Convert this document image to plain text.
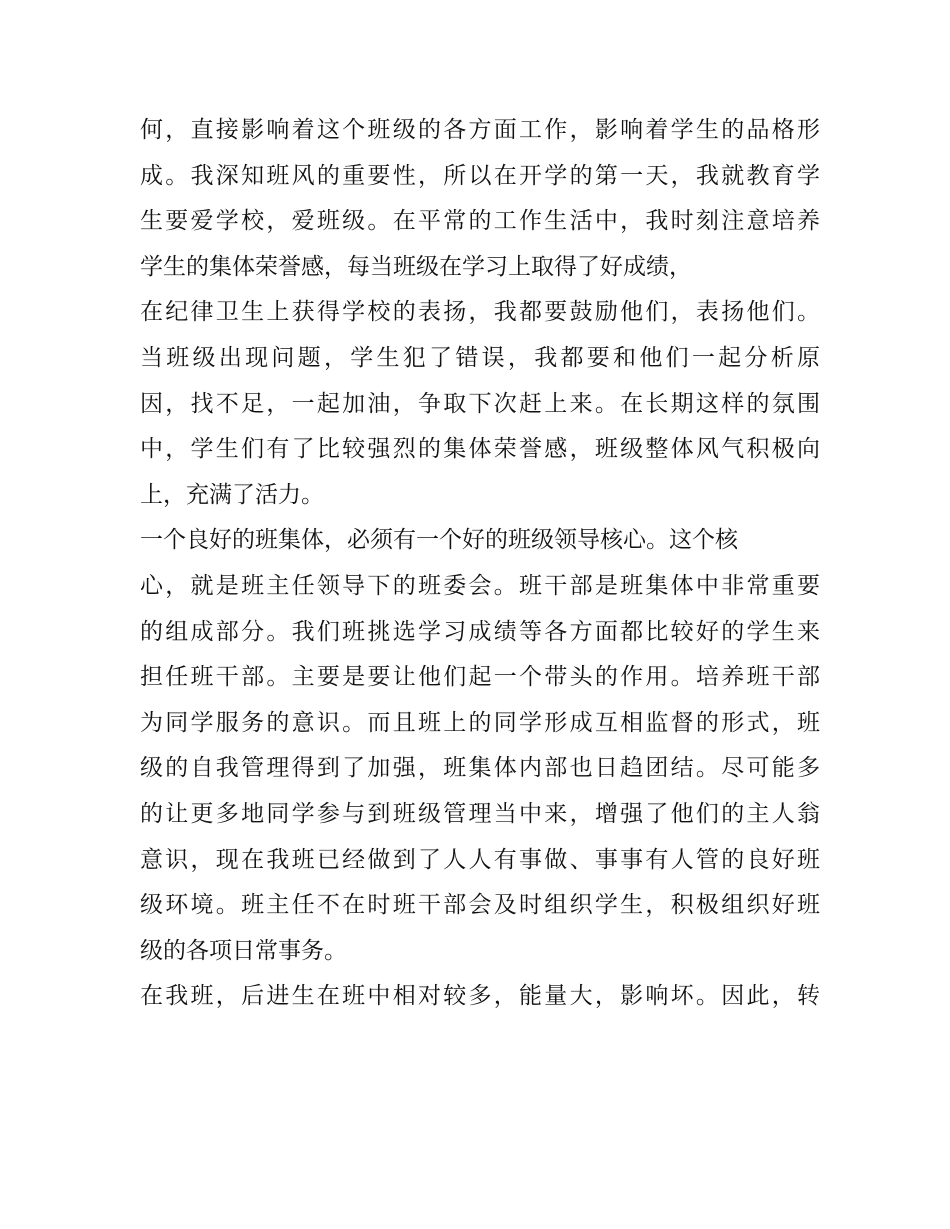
何，直接影响着这个班级的各方面工作，影响着学生的品格形
成。我深知班风的重要性，所以在开学的第一天，我就教育学
生要爱学校，爱班级。在平常的工作生活中，我时刻注意培养
学生的集体荣誉感，每当班级在学习上取得了好成绩，
在纪律卫生上获得学校的表扬，我都要鼓励他们，表扬他们。
当班级出现问题，学生犯了错误，我都要和他们一起分析原
因，找不足，一起加油，争取下次赶上来。在长期这样的氛围
中，学生们有了比较强烈的集体荣誉感，班级整体风气积极向
上，充满了活力。
一个良好的班集体，必须有一个好的班级领导核心。这个核
心，就是班主任领导下的班委会。班干部是班集体中非常重要
的组成部分。我们班挑选学习成绩等各方面都比较好的学生来
担任班干部。主要是要让他们起一个带头的作用。培养班干部
为同学服务的意识。而且班上的同学形成互相监督的形式，班
级的自我管理得到了加强，班集体内部也日趋团结。尽可能多
的让更多地同学参与到班级管理当中来，增强了他们的主人翁
意识，现在我班已经做到了人人有事做、事事有人管的良好班
级环境。班主任不在时班干部会及时组织学生，积极组织好班
级的各项日常事务。
在我班，后进生在班中相对较多，能量大，影响坏。因此，转
